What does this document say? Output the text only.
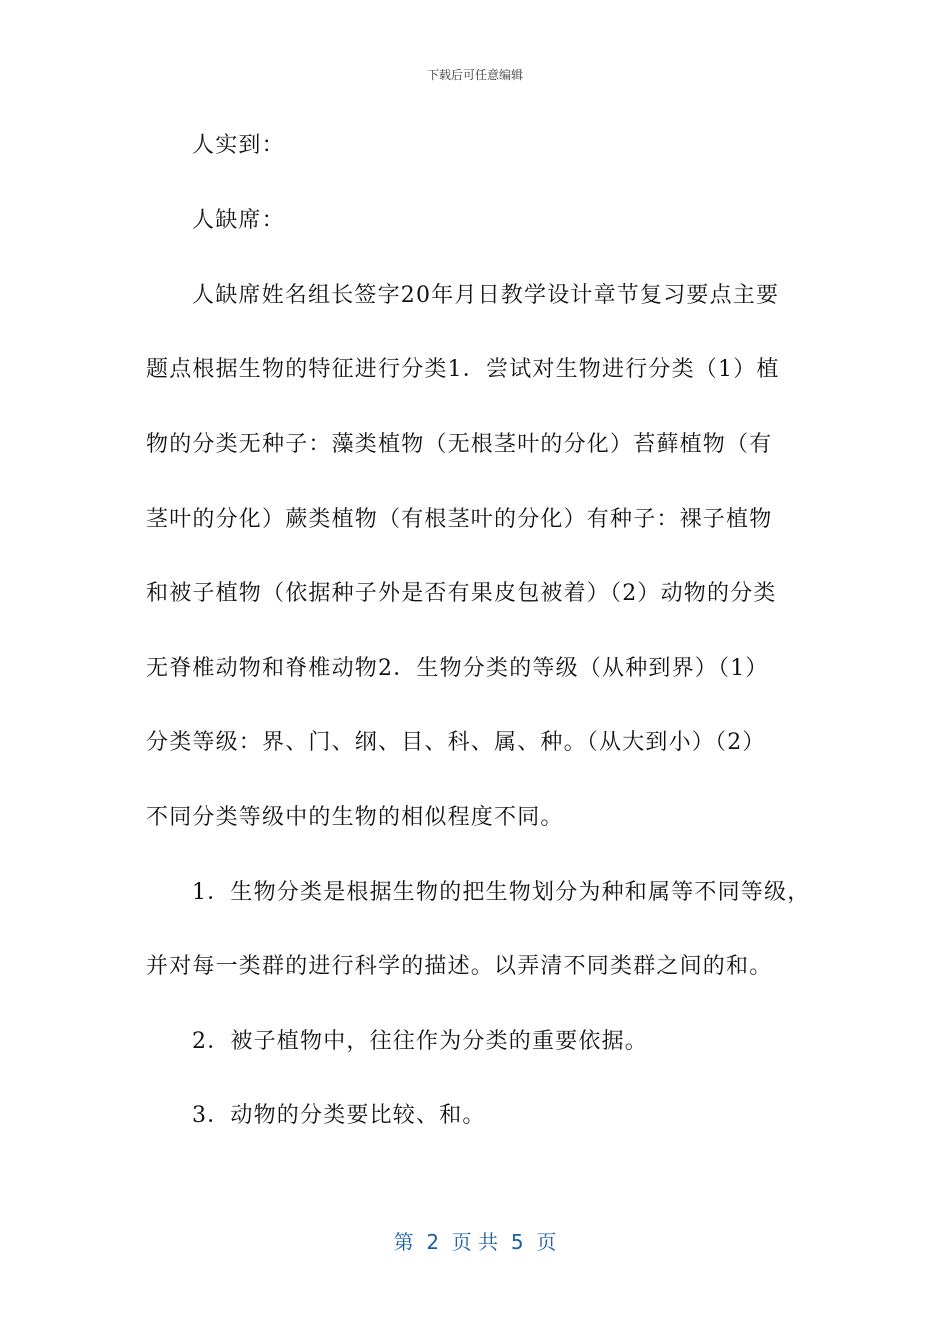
下载后可任意编辑
人实到：
人缺席：
人缺席姓名组长签字20年月日教学设计章节复习要点主要
题点根据生物的特征进行分类1．尝试对生物进行分类（1）植
物的分类无种子：藻类植物（无根茎叶的分化）苔藓植物（有
茎叶的分化）蕨类植物（有根茎叶的分化）有种子：裸子植物
和被子植物（依据种子外是否有果皮包被着）（2）动物的分类
无脊椎动物和脊椎动物2．生物分类的等级（从种到界）（1）
分类等级：界、门、纲、目、科、属、种。（从大到小）（2）
不同分类等级中的生物的相似程度不同。
1．生物分类是根据生物的把生物划分为种和属等不同等级，
并对每一类群的进行科学的描述。以弄清不同类群之间的和。
2．被子植物中，往往作为分类的重要依据。
3．动物的分类要比较、和。
第  2  页 共  5  页
